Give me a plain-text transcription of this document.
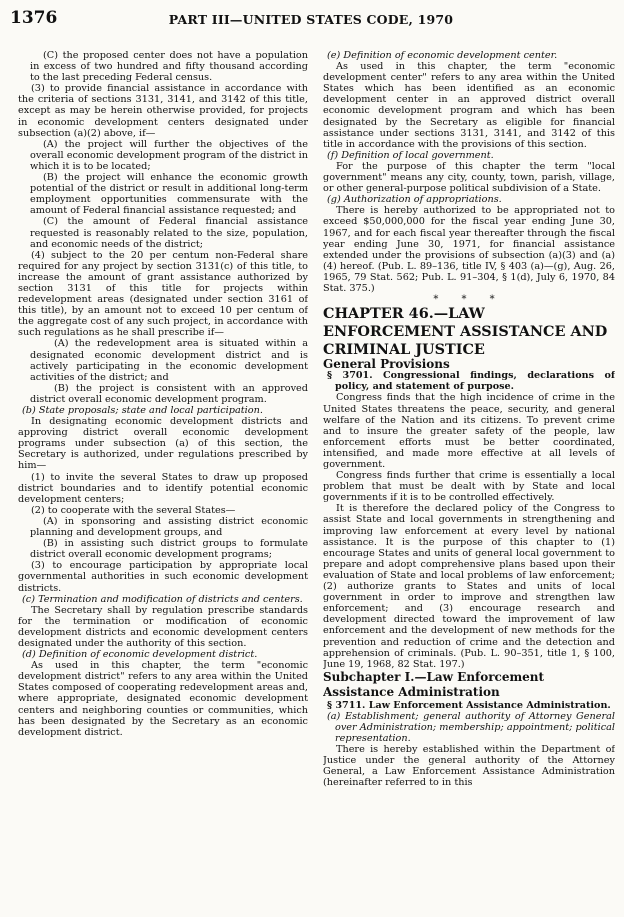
1376	PART III—UNITED STATES CODE, 1970

(C) the proposed center does not have a population in excess of two hundred and fifty thousand according to the last preceding Federal census.

(3) to provide financial assistance in accordance with the criteria of sections 3131, 3141, and 3142 of this title, except as may be herein otherwise provided, for projects in economic development centers designated under subsection (a)(2) above, if—

(A) the project will further the objectives of the overall economic development program of the district in which it is to be located;

(B) the project will enhance the economic growth potential of the district or result in additional long-term employment opportunities commensurate with the amount of Federal financial assistance requested; and

(C) the amount of Federal financial assistance requested is reasonably related to the size, population, and economic needs of the district;

(4) subject to the 20 per centum non-Federal share required for any project by section 3131(c) of this title, to increase the amount of grant assistance authorized by section 3131 of this title for projects within redevelopment areas (designated under section 3161 of this title), by an amount not to exceed 10 per centum of the aggregate cost of any such project, in accordance with such regulations as he shall prescribe if—

(A) the redevelopment area is situated within a designated economic development district and is actively participating in the economic development activities of the district; and

(B) the project is consistent with an approved district overall economic development program.

(b) State proposals; state and local participation.

In designating economic development districts and approving district overall economic development programs under subsection (a) of this section, the Secretary is authorized, under regulations prescribed by him—

(1) to invite the several States to draw up proposed district boundaries and to identify potential economic development centers;

(2) to cooperate with the several States—

(A) in sponsoring and assisting district economic planning and development groups, and

(B) in assisting such district groups to formulate district overall economic development programs;

(3) to encourage participation by appropriate local governmental authorities in such economic development districts.

(c) Termination and modification of districts and centers.

The Secretary shall by regulation prescribe standards for the termination or modification of economic development districts and economic development centers designated under the authority of this section.

(d) Definition of economic development district.

As used in this chapter, the term "economic development district" refers to any area within the United States composed of cooperating redevelopment areas and, where appropriate, designated economic development centers and neighboring counties or communities, which has been designated by the Secretary as an economic development district.

(e) Definition of economic development center.

As used in this chapter, the term "economic development center" refers to any area within the United States which has been identified as an economic development center in an approved district overall economic development program and which has been designated by the Secretary as eligible for financial assistance under sections 3131, 3141, and 3142 of this title in accordance with the provisions of this section.

(f) Definition of local government.

For the purpose of this chapter the term "local government" means any city, county, town, parish, village, or other general-purpose political subdivision of a State.

(g) Authorization of appropriations.

There is hereby authorized to be appropriated not to exceed $50,000,000 for the fiscal year ending June 30, 1967, and for each fiscal year thereafter through the fiscal year ending June 30, 1971, for financial assistance extended under the provisions of subsection (a)(3) and (a)(4) hereof. (Pub. L. 89–136, title IV, § 403 (a)—(g), Aug. 26, 1965, 79 Stat. 562; Pub. L. 91–304, § 1(d), July 6, 1970, 84 Stat. 375.)

* * *

CHAPTER 46.—LAW ENFORCEMENT ASSISTANCE AND CRIMINAL JUSTICE

General Provisions

§ 3701. Congressional findings, declarations of policy, and statement of purpose.

Congress finds that the high incidence of crime in the United States threatens the peace, security, and general welfare of the Nation and its citizens. To prevent crime and to insure the greater safety of the people, law enforcement efforts must be better coordinated, intensified, and made more effective at all levels of government.

Congress finds further that crime is essentially a local problem that must be dealt with by State and local governments if it is to be controlled effectively.

It is therefore the declared policy of the Congress to assist State and local governments in strengthening and improving law enforcement at every level by national assistance. It is the purpose of this chapter to (1) encourage States and units of general local government to prepare and adopt comprehensive plans based upon their evaluation of State and local problems of law enforcement; (2) authorize grants to States and units of local government in order to improve and strengthen law enforcement; and (3) encourage research and development directed toward the improvement of law enforcement and the development of new methods for the prevention and reduction of crime and the detection and apprehension of criminals. (Pub. L. 90–351, title 1, § 100, June 19, 1968, 82 Stat. 197.)

Subchapter I.—Law Enforcement Assistance Administration

§ 3711. Law Enforcement Assistance Administration.

(a) Establishment; general authority of Attorney General over Administration; membership; appointment; political representation.

There is hereby established within the Department of Justice under the general authority of the Attorney General, a Law Enforcement Assistance Administration (hereinafter referred to in this
